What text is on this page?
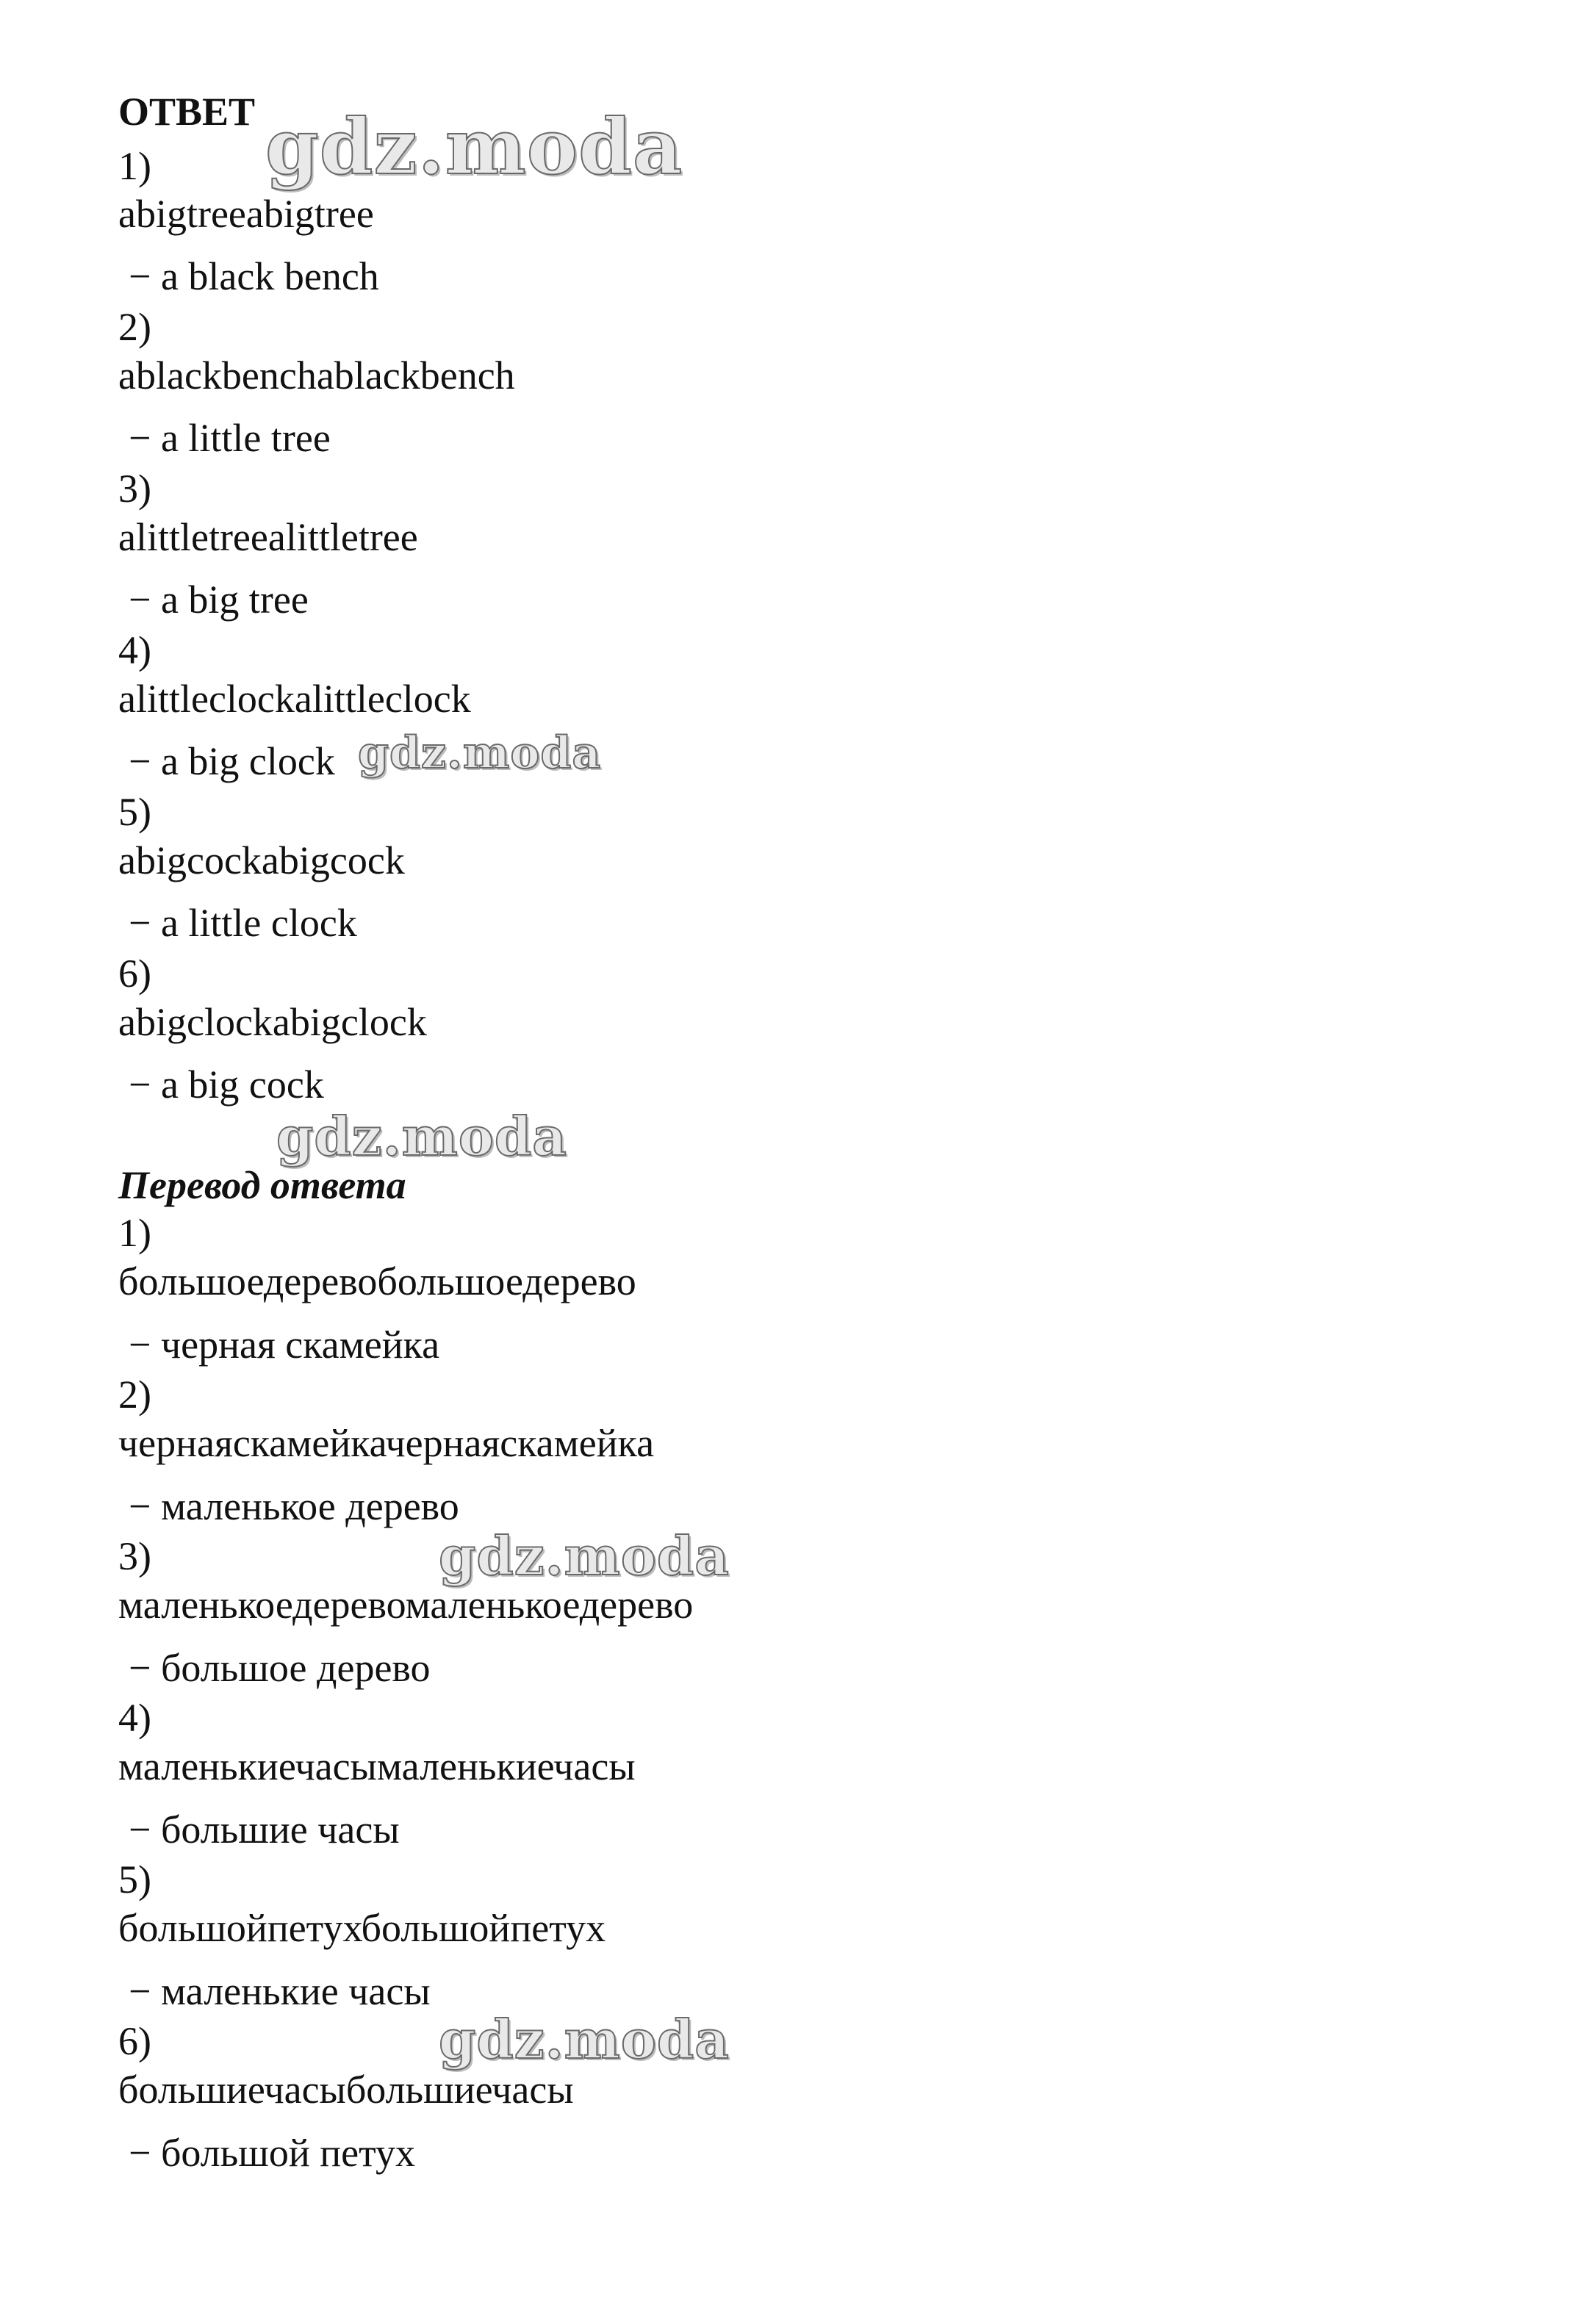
ОТВЕТ
1)
abigtreeabigtree
− a black bench
2)
ablackbenchablackbench
− a little tree
3)
alittletreealittletree
− a big tree
4)
alittleclockalittleclock
− a big clock
5)
abigcockabigcock
− a little clock
6)
abigclockabigclock
− a big cock
Перевод ответа
1)
большоедеревобольшоедерево
− черная скамейка
2)
чернаяскамейкачернаяскамейка
− маленькое дерево
3)
маленькоедеревомаленькоедерево
− большое дерево
4)
маленькиечасымаленькиечасы
− большие часы
5)
большойпетухбольшойпетух
− маленькие часы
6)
большиечасыбольшиечасы
− большой петух
gdz.moda
gdz.moda
gdz.moda
gdz.moda
gdz.moda
